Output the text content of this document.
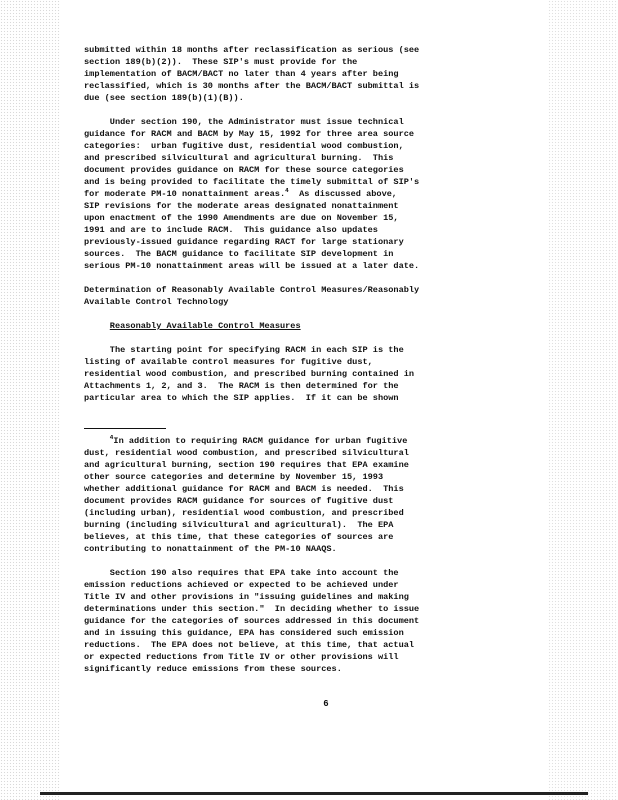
submitted within 18 months after reclassification as serious (see
section 189(b)(2)).  These SIP's must provide for the
implementation of BACM/BACT no later than 4 years after being
reclassified, which is 30 months after the BACM/BACT submittal is
due (see section 189(b)(1)(B)).
Under section 190, the Administrator must issue technical
guidance for RACM and BACM by May 15, 1992 for three area source
categories:  urban fugitive dust, residential wood combustion,
and prescribed silvicultural and agricultural burning.  This
document provides guidance on RACM for these source categories
and is being provided to facilitate the timely submittal of SIP's
for moderate PM-10 nonattainment areas.$^4$  As discussed above,
SIP revisions for the moderate areas designated nonattainment
upon enactment of the 1990 Amendments are due on November 15,
1991 and are to include RACM.  This guidance also updates
previously-issued guidance regarding RACT for large stationary
sources.  The BACM guidance to facilitate SIP development in
serious PM-10 nonattainment areas will be issued at a later date.
Determination of Reasonably Available Control Measures/Reasonably
Available Control Technology
Reasonably Available Control Measures
The starting point for specifying RACM in each SIP is the
listing of available control measures for fugitive dust,
residential wood combustion, and prescribed burning contained in
Attachments 1, 2, and 3.  The RACM is then determined for the
particular area to which the SIP applies.  If it can be shown
$^4$In addition to requiring RACM guidance for urban fugitive
dust, residential wood combustion, and prescribed silvicultural
and agricultural burning, section 190 requires that EPA examine
other source categories and determine by November 15, 1993
whether additional guidance for RACM and BACM is needed.  This
document provides RACM guidance for sources of fugitive dust
(including urban), residential wood combustion, and prescribed
burning (including silvicultural and agricultural).  The EPA
believes, at this time, that these categories of sources are
contributing to nonattainment of the PM-10 NAAQS.
Section 190 also requires that EPA take into account the
emission reductions achieved or expected to be achieved under
Title IV and other provisions in "issuing guidelines and making
determinations under this section."  In deciding whether to issue
guidance for the categories of sources addressed in this document
and in issuing this guidance, EPA has considered such emission
reductions.  The EPA does not believe, at this time, that actual
or expected reductions from Title IV or other provisions will
significantly reduce emissions from these sources.
6
